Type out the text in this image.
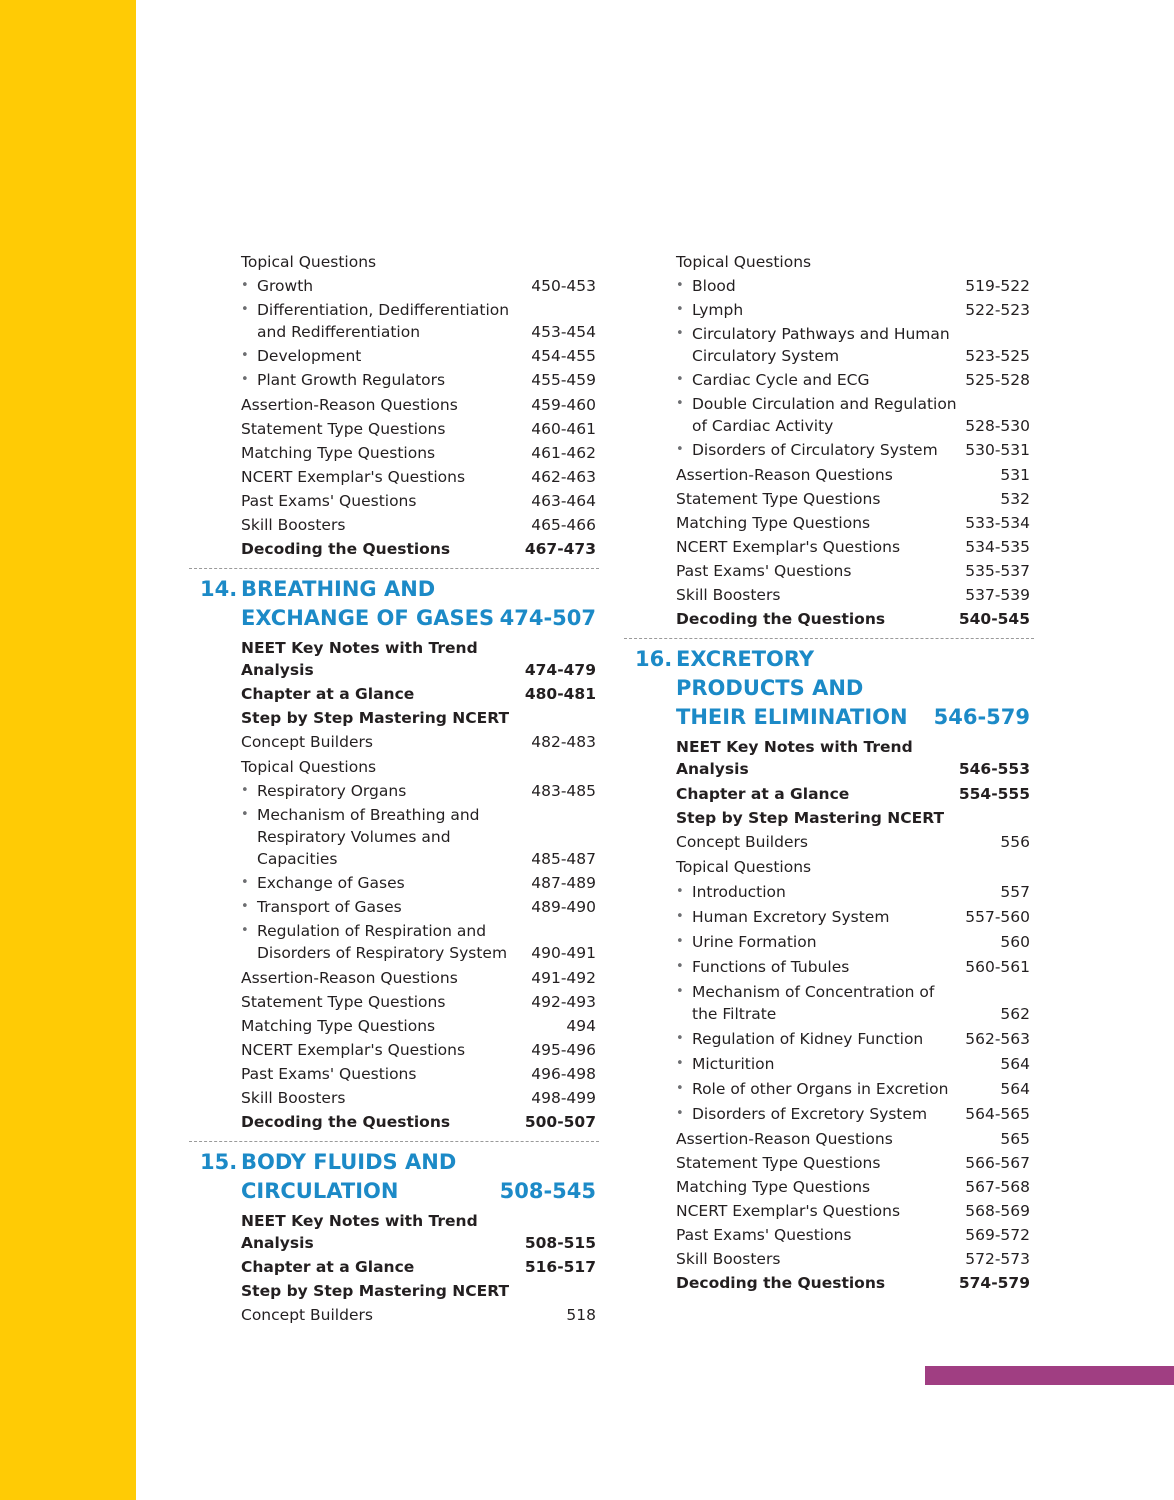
Topical Questions
• Growth	450-453
• Differentiation, Dedifferentiation and Redifferentiation	453-454
• Development	454-455
• Plant Growth Regulators	455-459
Assertion-Reason Questions	459-460
Statement Type Questions	460-461
Matching Type Questions	461-462
NCERT Exemplar's Questions	462-463
Past Exams' Questions	463-464
Skill Boosters	465-466
Decoding the Questions	467-473
14. BREATHING AND EXCHANGE OF GASES 474-507
NEET Key Notes with Trend Analysis	474-479
Chapter at a Glance	480-481
Step by Step Mastering NCERT
Concept Builders	482-483
Topical Questions
• Respiratory Organs	483-485
• Mechanism of Breathing and Respiratory Volumes and Capacities	485-487
• Exchange of Gases	487-489
• Transport of Gases	489-490
• Regulation of Respiration and Disorders of Respiratory System	490-491
Assertion-Reason Questions	491-492
Statement Type Questions	492-493
Matching Type Questions	494
NCERT Exemplar's Questions	495-496
Past Exams' Questions	496-498
Skill Boosters	498-499
Decoding the Questions	500-507
15. BODY FLUIDS AND CIRCULATION	508-545
NEET Key Notes with Trend Analysis	508-515
Chapter at a Glance	516-517
Step by Step Mastering NCERT
Concept Builders	518
Topical Questions
• Blood	519-522
• Lymph	522-523
• Circulatory Pathways and Human Circulatory System	523-525
• Cardiac Cycle and ECG	525-528
• Double Circulation and Regulation of Cardiac Activity	528-530
• Disorders of Circulatory System	530-531
Assertion-Reason Questions	531
Statement Type Questions	532
Matching Type Questions	533-534
NCERT Exemplar's Questions	534-535
Past Exams' Questions	535-537
Skill Boosters	537-539
Decoding the Questions	540-545
16. EXCRETORY PRODUCTS AND THEIR ELIMINATION	546-579
NEET Key Notes with Trend Analysis	546-553
Chapter at a Glance	554-555
Step by Step Mastering NCERT
Concept Builders	556
Topical Questions
• Introduction	557
• Human Excretory System	557-560
• Urine Formation	560
• Functions of Tubules	560-561
• Mechanism of Concentration of the Filtrate	562
• Regulation of Kidney Function	562-563
• Micturition	564
• Role of other Organs in Excretion	564
• Disorders of Excretory System	564-565
Assertion-Reason Questions	565
Statement Type Questions	566-567
Matching Type Questions	567-568
NCERT Exemplar's Questions	568-569
Past Exams' Questions	569-572
Skill Boosters	572-573
Decoding the Questions	574-579
